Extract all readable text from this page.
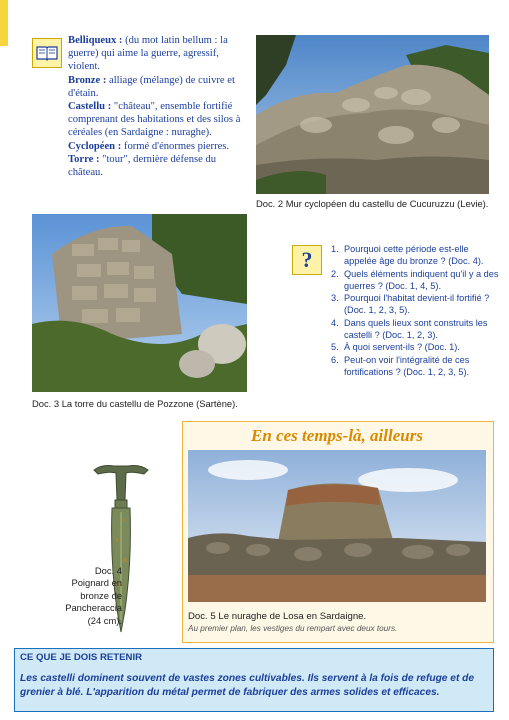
Belliqueux : (du mot latin bellum : la guerre) qui aime la guerre, agressif, violent.

Bronze : alliage (mélange) de cuivre et d'étain.

Castellu : "château", ensemble fortifié comprenant des habitations et des silos à céréales (en Sardaigne : nuraghe).

Cyclopéen : formé d'énormes pierres.

Torre : "tour", dernière défense du château.

Doc. 2 Mur cyclopéen du castellu de Cucuruzzu (Levie).
Doc. 3 La torre du castellu de Pozzone (Sartène).
?	1. Pourquoi cette période est-elle appelée âge du bronze ? (Doc. 4).
2. Quels éléments indiquent qu'il y a des guerres ? (Doc. 1, 4, 5).
3. Pourquoi l'habitat devient-il fortifié ? (Doc. 1, 2, 3, 5).
4. Dans quels lieux sont construits les castelli ? (Doc. 1, 2, 3).
5. À quoi servent-ils ? (Doc. 1).
6. Peut-on voir l'intégralité de ces fortifications ? (Doc. 1, 2, 3, 5).
Doc. 4
Poignard en
bronze de
Pancheraccia
(24 cm).
En ces temps-là, ailleurs
Doc. 5 Le nuraghe de Losa en Sardaigne.
Au premier plan, les vestiges du rempart avec deux tours.
CE QUE JE DOIS RETENIR
Les castelli dominent souvent de vastes zones cultivables. Ils servent à la fois de refuge et de grenier à blé. L'apparition du métal permet de fabriquer des armes solides et efficaces.
